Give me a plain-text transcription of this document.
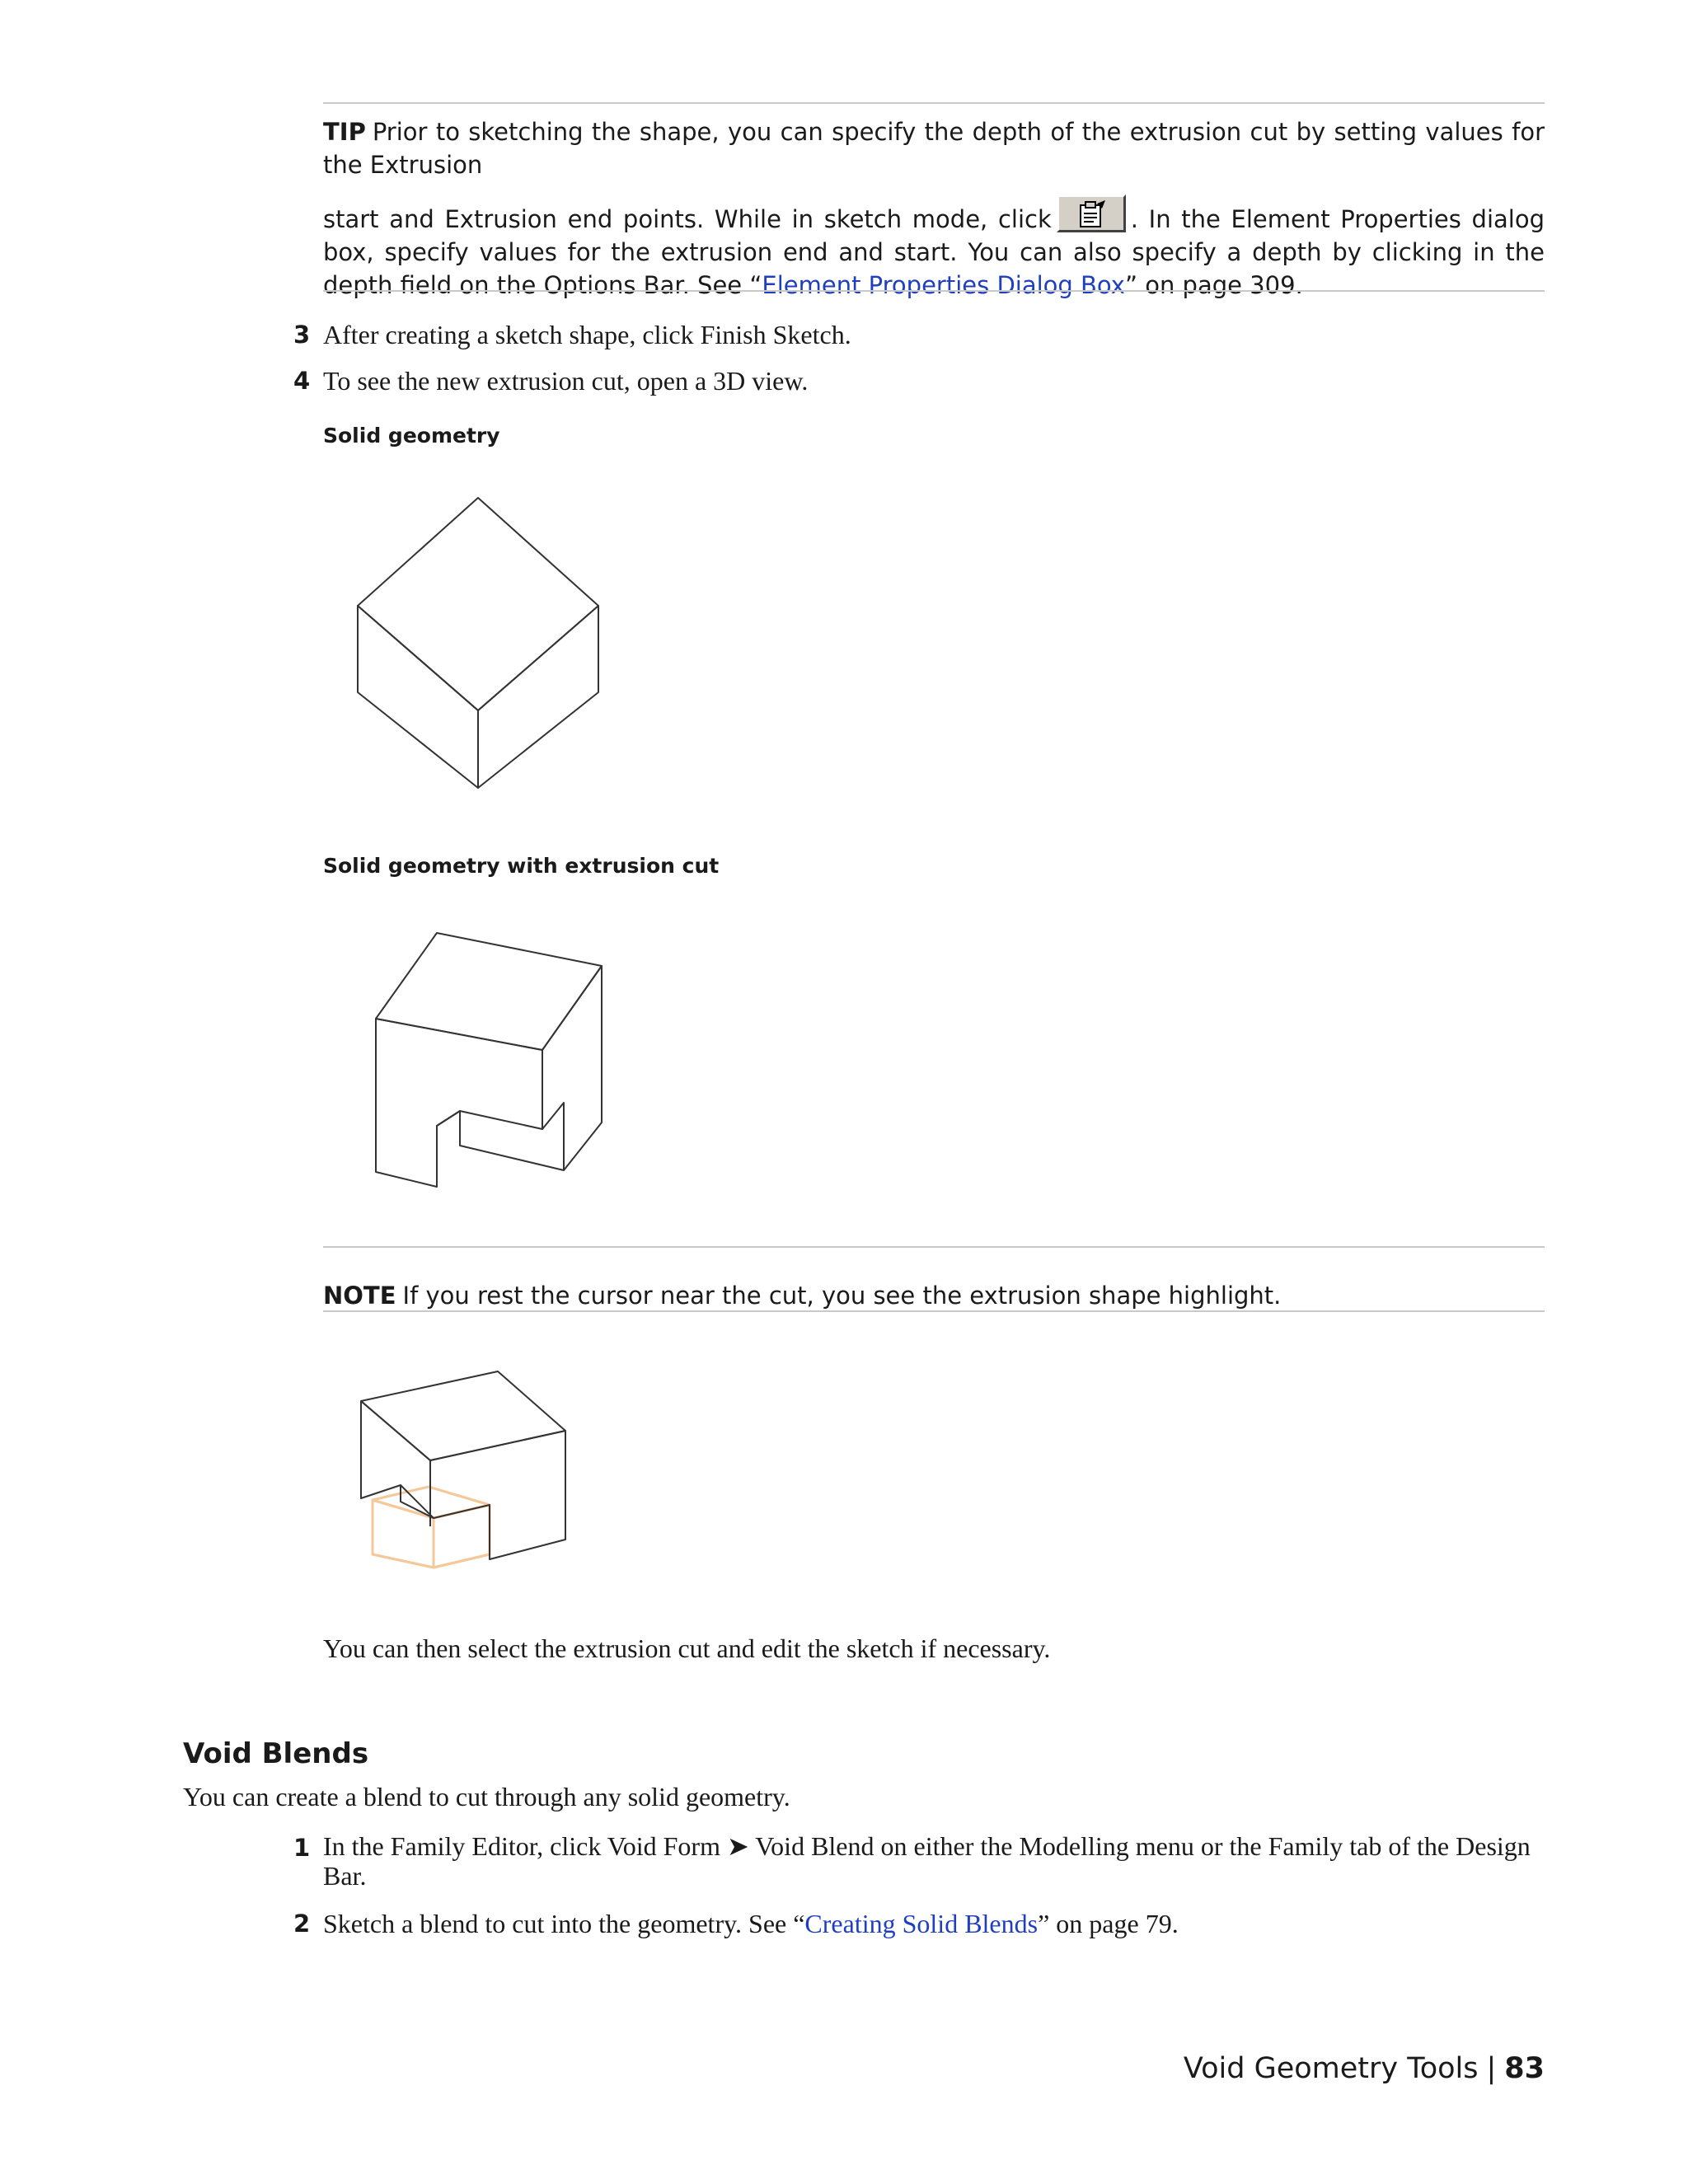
TIP Prior to sketching the shape, you can specify the depth of the extrusion cut by setting values for the Extrusion
start and Extrusion end points. While in sketch mode, click	. In the Element Properties dialog box, specify values for the extrusion end and start. You can also specify a depth by clicking in the depth field on the Options Bar. See “Element Properties Dialog Box” on page 309.
3 After creating a sketch shape, click Finish Sketch.
4 To see the new extrusion cut, open a 3D view.
Solid geometry
Solid geometry with extrusion cut
NOTE If you rest the cursor near the cut, you see the extrusion shape highlight.
You can then select the extrusion cut and edit the sketch if necessary.
Void Blends
You can create a blend to cut through any solid geometry.
1 In the Family Editor, click Void Form ➤ Void Blend on either the Modelling menu or the Family tab of the Design Bar.
2 Sketch a blend to cut into the geometry. See “Creating Solid Blends” on page 79.
Void Geometry Tools | 83
